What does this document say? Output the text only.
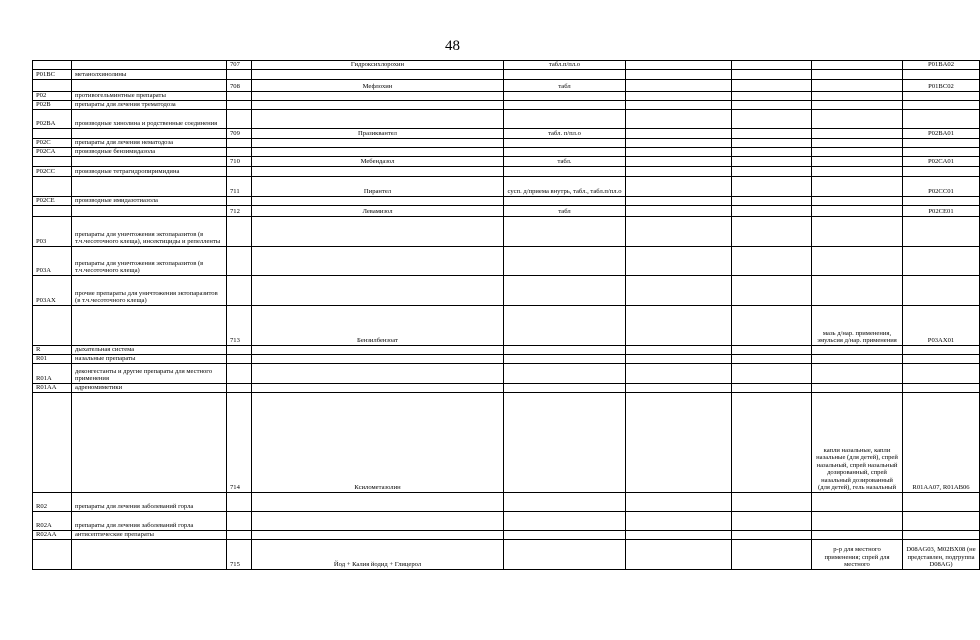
48
		707	Гидроксихлорохин	табл.п/пл.о				P01BA02
P01BC	метанолхинолины							
		708	Мефлохин	табл				P01BC02
P02	противогельминтные препараты							
P02B	препараты для лечения трематодоза							
P02BA	производные хинолина и родственные соединения							
		709	Празиквантел	табл. п/пл.о				P02BA01
P02C	препараты для лечения нематодоза							
P02CA	производные бензимидазола							
		710	Мебендазол	табл.				P02CA01
P02CC	производные тетрагидропиримидина							
		711	Пирантел	сусп. д/приема внутрь, табл., табл.п/пл.о				P02CC01
P02CE	производные имидазотиазола							
		712	Левамизол	табл				P02CE01
P03	препараты для уничтожения эктопаразитов (в т.ч.чесоточного клеща), инсектициды и репелленты							
P03A	препараты для уничтожения эктопаразитов (в т.ч.чесоточного клеща)							
P03AX	прочие препараты для уничтожения эктопаразитов (в т.ч.чесоточного клеща)							
		713	Бензилбензоат				мазь д/нар. применения, эмульсия д/нар. применения	P03AX01
R	дыхательная система							
R01	назальные препараты							
R01A	деконгестанты и другие препараты для местного применения							
R01AA	адреномиметики							
		714	Ксилометазолин				капли назальные, капли назальные (для детей), спрей назальный, спрей назальный дозированный, спрей назальный дозированный (для детей), гель назальный	R01AA07, R01AB06
R02	препараты для лечения заболеваний горла							
R02A	препараты для лечения заболеваний горла							
R02AA	антисептические препараты							
		715	Йод + Калия йодид + Глицерол				р-р для местного применения; спрей для местного	D08AG03, M02BX08 (не представлен, подгруппа D08AG)
